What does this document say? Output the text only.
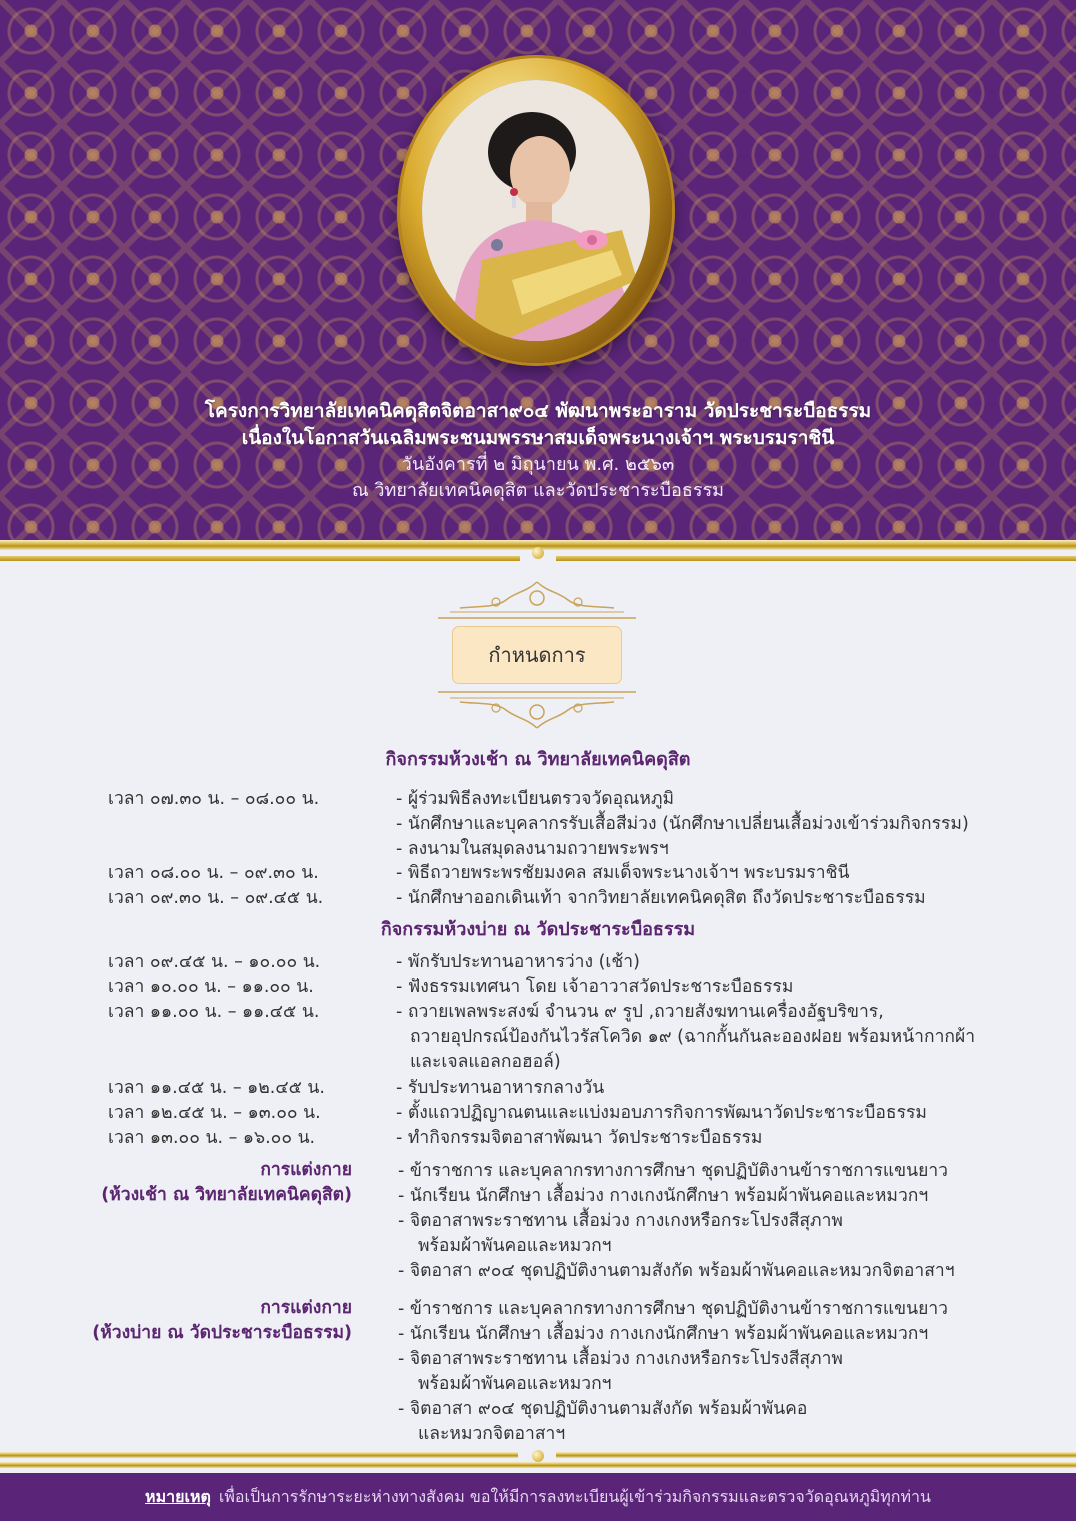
โครงการวิทยาลัยเทคนิคดุสิตจิตอาสา๙๐๔ พัฒนาพระอาราม วัดประชาระบือธรรม
เนื่องในโอกาสวันเฉลิมพระชนมพรรษาสมเด็จพระนางเจ้าฯ พระบรมราชินี
วันอังคารที่ ๒ มิถุนายน พ.ศ. ๒๕๖๓
ณ วิทยาลัยเทคนิคดุสิต และวัดประชาระบือธรรม
กำหนดการ
กิจกรรมห้วงเช้า ณ วิทยาลัยเทคนิคดุสิต
เวลา ๐๗.๓๐ น. – ๐๘.๐๐ น.	- ผู้ร่วมพิธีลงทะเบียนตรวจวัดอุณหภูมิ
- นักศึกษาและบุคลากรรับเสื้อสีม่วง (นักศึกษาเปลี่ยนเสื้อม่วงเข้าร่วมกิจกรรม)
- ลงนามในสมุดลงนามถวายพระพรฯ
เวลา ๐๘.๐๐ น. – ๐๙.๓๐ น.	- พิธีถวายพระพรชัยมงคล สมเด็จพระนางเจ้าฯ พระบรมราชินี
เวลา ๐๙.๓๐ น. – ๐๙.๔๕ น.	- นักศึกษาออกเดินเท้า จากวิทยาลัยเทคนิคดุสิต ถึงวัดประชาระบือธรรม
กิจกรรมห้วงบ่าย ณ วัดประชาระบือธรรม
เวลา ๐๙.๔๕ น. – ๑๐.๐๐ น.	- พักรับประทานอาหารว่าง (เช้า)
เวลา ๑๐.๐๐ น. – ๑๑.๐๐ น.	- ฟังธรรมเทศนา โดย เจ้าอาวาสวัดประชาระบือธรรม
เวลา ๑๑.๐๐ น. – ๑๑.๔๕ น.	- ถวายเพลพระสงฆ์ จำนวน ๙ รูป ,ถวายสังฆทานเครื่องอัฐบริขาร,
ถวายอุปกรณ์ป้องกันไวรัสโควิด ๑๙ (ฉากกั้นกันละอองฝอย พร้อมหน้ากากผ้า
และเจลแอลกอฮอล์)
เวลา ๑๑.๔๕ น. – ๑๒.๔๕ น.	- รับประทานอาหารกลางวัน
เวลา ๑๒.๔๕ น. – ๑๓.๐๐ น.	- ตั้งแถวปฏิญาณตนและแบ่งมอบภารกิจการพัฒนาวัดประชาระบือธรรม
เวลา ๑๓.๐๐ น. – ๑๖.๐๐ น.	- ทำกิจกรรมจิตอาสาพัฒนา วัดประชาระบือธรรม
การแต่งกาย
(ห้วงเช้า ณ วิทยาลัยเทคนิคดุสิต)
- ข้าราชการ และบุคลากรทางการศึกษา ชุดปฏิบัติงานข้าราชการแขนยาว
- นักเรียน นักศึกษา เสื้อม่วง กางเกงนักศึกษา พร้อมผ้าพันคอและหมวกฯ
- จิตอาสาพระราชทาน เสื้อม่วง กางเกงหรือกระโปรงสีสุภาพ
พร้อมผ้าพันคอและหมวกฯ
- จิตอาสา ๙๐๔ ชุดปฏิบัติงานตามสังกัด พร้อมผ้าพันคอและหมวกจิตอาสาฯ
การแต่งกาย
(ห้วงบ่าย ณ วัดประชาระบือธรรม)
- ข้าราชการ และบุคลากรทางการศึกษา ชุดปฏิบัติงานข้าราชการแขนยาว
- นักเรียน นักศึกษา เสื้อม่วง กางเกงนักศึกษา พร้อมผ้าพันคอและหมวกฯ
- จิตอาสาพระราชทาน เสื้อม่วง กางเกงหรือกระโปรงสีสุภาพ
พร้อมผ้าพันคอและหมวกฯ
- จิตอาสา ๙๐๔ ชุดปฏิบัติงานตามสังกัด พร้อมผ้าพันคอ
และหมวกจิตอาสาฯ
หมายเหตุ เพื่อเป็นการรักษาระยะห่างทางสังคม ขอให้มีการลงทะเบียนผู้เข้าร่วมกิจกรรมและตรวจวัดอุณหภูมิทุกท่าน
